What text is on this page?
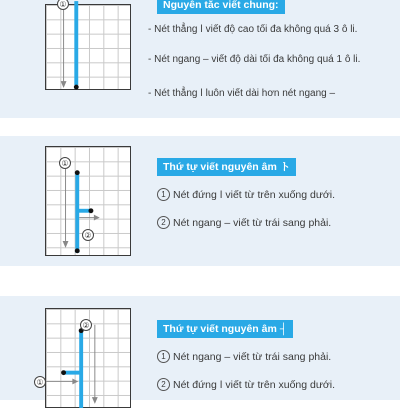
①	Nguyên tắc viết chung:
- Nét thẳng ǀ viết độ cao tối đa không quá 3 ô li.
- Nét ngang – viết độ dài tối đa không quá 1 ô li.
- Nét thẳng ǀ luôn viết dài hơn nét ngang –
①
②
Thứ tự viết nguyên âm ト
1 Nét đứng ǀ viết từ trên xuống dưới.
2 Nét ngang – viết từ trái sang phải.
②
①
Thứ tự viết nguyên âm ┤
1 Nét ngang – viết từ trái sang phải.
2 Nét đứng ǀ viết từ trên xuống dưới.
